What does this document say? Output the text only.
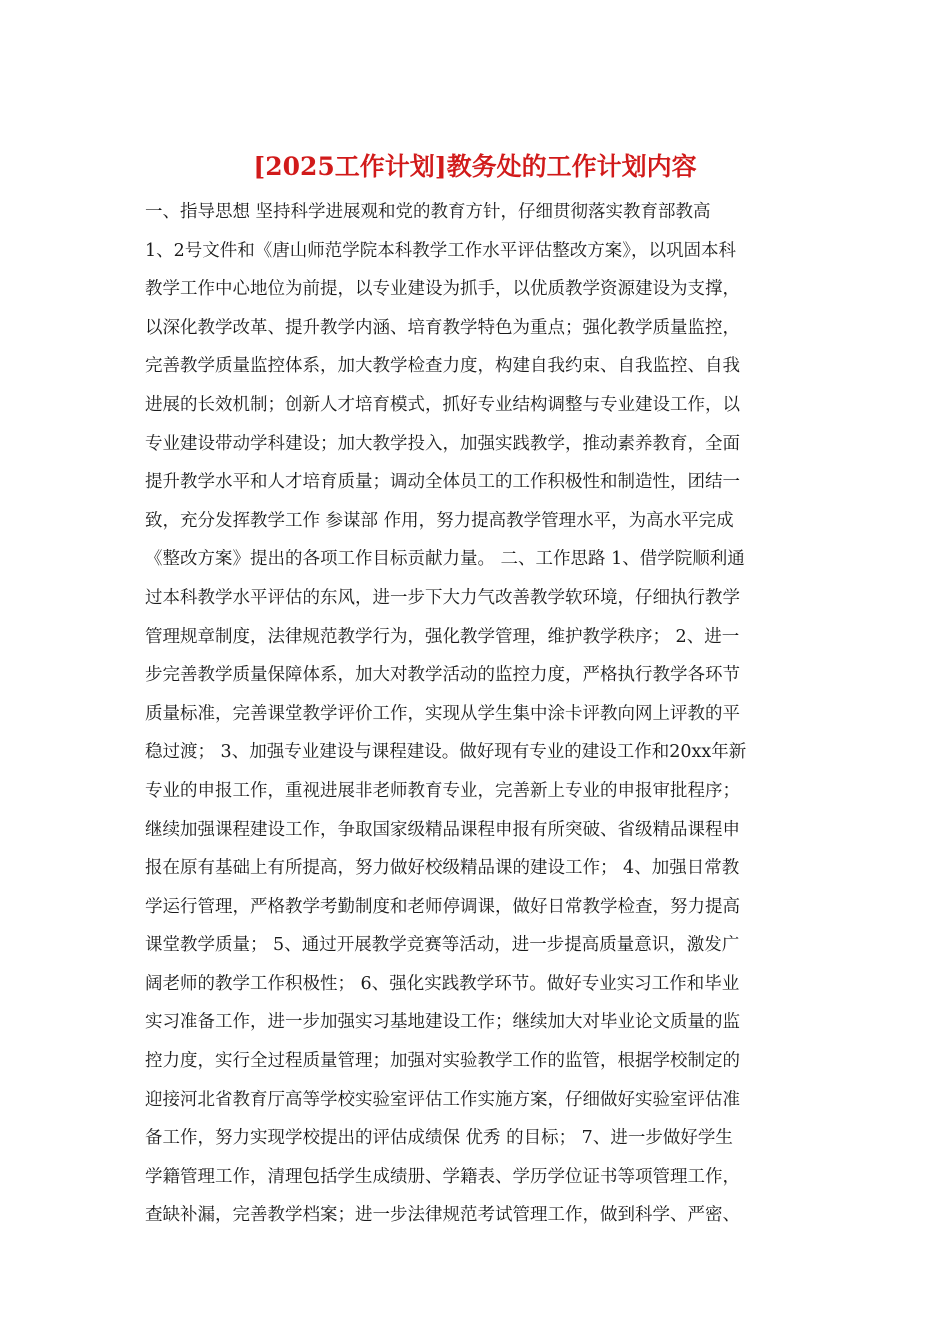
[2025工作计划]教务处的工作计划内容
一、指导思想 坚持科学进展观和党的教育方针，仔细贯彻落实教育部教高
1、2号文件和《唐山师范学院本科教学工作水平评估整改方案》，以巩固本科
教学工作中心地位为前提，以专业建设为抓手，以优质教学资源建设为支撑，
以深化教学改革、提升教学内涵、培育教学特色为重点；强化教学质量监控，
完善教学质量监控体系，加大教学检查力度，构建自我约束、自我监控、自我
进展的长效机制；创新人才培育模式，抓好专业结构调整与专业建设工作，以
专业建设带动学科建设；加大教学投入，加强实践教学，推动素养教育，全面
提升教学水平和人才培育质量；调动全体员工的工作积极性和制造性，团结一
致，充分发挥教学工作 参谋部 作用，努力提高教学管理水平，为高水平完成
《整改方案》提出的各项工作目标贡献力量。 二、工作思路 1、借学院顺利通
过本科教学水平评估的东风，进一步下大力气改善教学软环境，仔细执行教学
管理规章制度，法律规范教学行为，强化教学管理，维护教学秩序； 2、进一
步完善教学质量保障体系，加大对教学活动的监控力度，严格执行教学各环节
质量标准，完善课堂教学评价工作，实现从学生集中涂卡评教向网上评教的平
稳过渡； 3、加强专业建设与课程建设。做好现有专业的建设工作和20xx年新
专业的申报工作，重视进展非老师教育专业，完善新上专业的申报审批程序；
继续加强课程建设工作，争取国家级精品课程申报有所突破、省级精品课程申
报在原有基础上有所提高，努力做好校级精品课的建设工作； 4、加强日常教
学运行管理，严格教学考勤制度和老师停调课，做好日常教学检查，努力提高
课堂教学质量； 5、通过开展教学竞赛等活动，进一步提高质量意识，激发广
阔老师的教学工作积极性； 6、强化实践教学环节。做好专业实习工作和毕业
实习准备工作，进一步加强实习基地建设工作；继续加大对毕业论文质量的监
控力度，实行全过程质量管理；加强对实验教学工作的监管，根据学校制定的
迎接河北省教育厅高等学校实验室评估工作实施方案，仔细做好实验室评估准
备工作，努力实现学校提出的评估成绩保 优秀 的目标； 7、进一步做好学生
学籍管理工作，清理包括学生成绩册、学籍表、学历学位证书等项管理工作，
查缺补漏，完善教学档案；进一步法律规范考试管理工作，做到科学、严密、
